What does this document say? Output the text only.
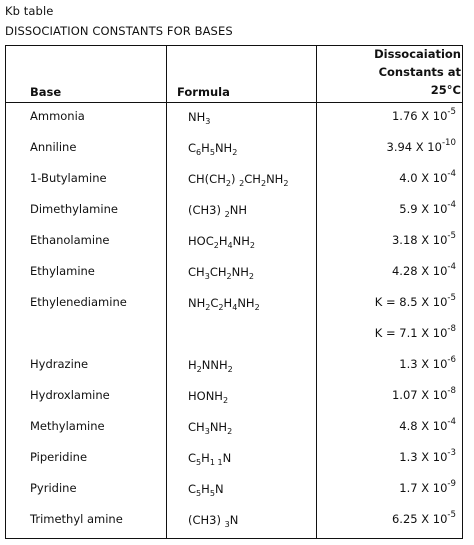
Kb table
DISSOCIATION CONSTANTS FOR BASES
Base	Formula
Dissocaiation
Constants at
25°C
Ammonia	$NH_3$	1.76 X $10^{-5}$
Anniline	$C_6H_5NH_2$	3.94 X $10^{-10}$
1-Butylamine	$CH(CH_2)$ $_2CH_2NH_2$	4.0 X $10^{-4}$
Dimethylamine	(CH3) $_2$NH	5.9 X $10^{-4}$
Ethanolamine	$HOC_2H_4NH_2$	3.18 X $10^{-5}$
Ethylamine	$CH_3CH_2NH_2$	4.28 X $10^{-4}$
Ethylenediamine	$NH_2C_2H_4NH_2$	K = 8.5 X $10^{-5}$
K = 7.1 X $10^{-8}$
Hydrazine	$H_2NNH_2$	1.3 X $10^{-6}$
Hydroxlamine	$HONH_2$	1.07 X $10^{-8}$
Methylamine	$CH_3NH_2$	4.8 X $10^{-4}$
Piperidine	$C_5H_{1 1}N$	1.3 X $10^{-3}$
Pyridine	$C_5H_5N$	1.7 X $10^{-9}$
Trimethyl amine	(CH3) $_3$N	6.25 X $10^{-5}$
